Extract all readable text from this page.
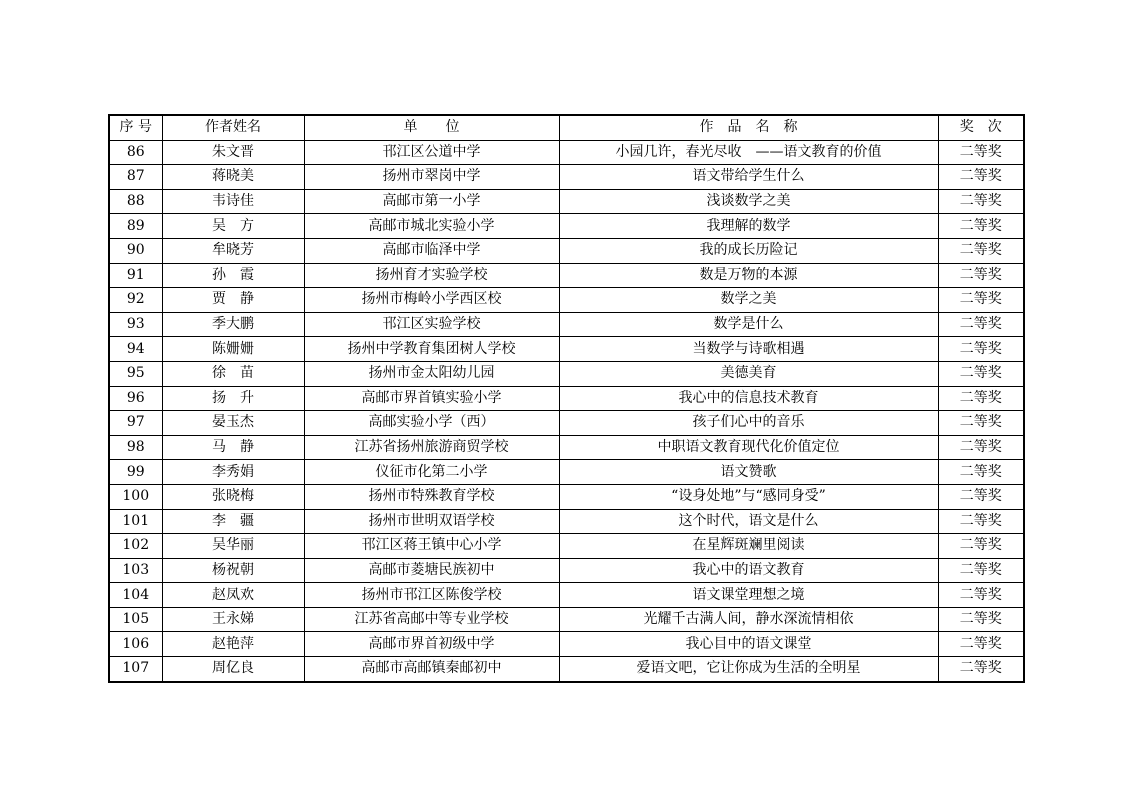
序 号	作者姓名	单　　位	作　品　名　称	奖　次
86	朱文晋	邗江区公道中学	小园几许，春光尽收　——语文教育的价值	二等奖
87	蒋晓美	扬州市翠岗中学	语文带给学生什么	二等奖
88	韦诗佳	高邮市第一小学	浅谈数学之美	二等奖
89	吴　方	高邮市城北实验小学	我理解的数学	二等奖
90	牟晓芳	高邮市临泽中学	我的成长历险记	二等奖
91	孙　霞	扬州育才实验学校	数是万物的本源	二等奖
92	贾　静	扬州市梅岭小学西区校	数学之美	二等奖
93	季大鹏	邗江区实验学校	数学是什么	二等奖
94	陈姗姗	扬州中学教育集团树人学校	当数学与诗歌相遇	二等奖
95	徐　苗	扬州市金太阳幼儿园	美德美育	二等奖
96	扬　升	高邮市界首镇实验小学	我心中的信息技术教育	二等奖
97	晏玉杰	高邮实验小学（西）	孩子们心中的音乐	二等奖
98	马　静	江苏省扬州旅游商贸学校	中职语文教育现代化价值定位	二等奖
99	李秀娟	仪征市化第二小学	语文赞歌	二等奖
100	张晓梅	扬州市特殊教育学校	“设身处地”与“感同身受”	二等奖
101	李　疆	扬州市世明双语学校	这个时代，语文是什么	二等奖
102	吴华丽	邗江区蒋王镇中心小学	在星辉斑斓里阅读	二等奖
103	杨祝朝	高邮市菱塘民族初中	我心中的语文教育	二等奖
104	赵凤欢	扬州市邗江区陈俊学校	语文课堂理想之境	二等奖
105	王永娣	江苏省高邮中等专业学校	光耀千古满人间，静水深流情相依	二等奖
106	赵艳萍	高邮市界首初级中学	我心目中的语文课堂	二等奖
107	周亿良	高邮市高邮镇秦邮初中	爱语文吧，它让你成为生活的全明星	二等奖
